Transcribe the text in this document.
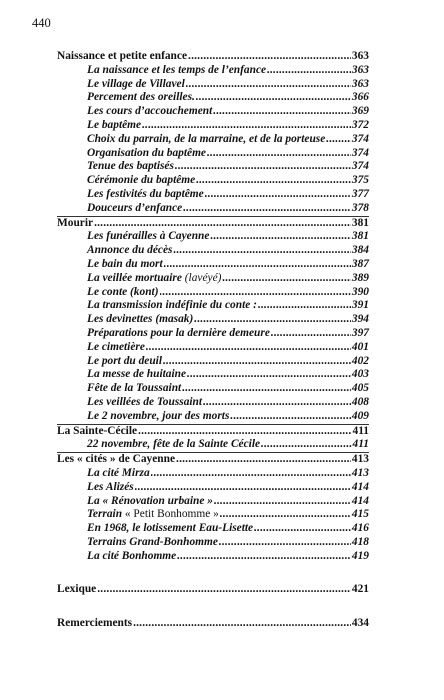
440
Naissance et petite enfance .....	363
La naissance et les temps de l’enfance .....	363
Le village de Villavel .....	363
Percement des oreilles. .....	366
Les cours d’accouchement .....	369
Le baptême .....	372
Choix du parrain, de la marraine, et de la porteuse ..... 374
Organisation du baptême .....	374
Tenue des baptisés .....	374
Cérémonie du baptême .....	375
Les festivités du baptême .....	377
Douceurs d’enfance .....	378
Mourir .....	381
Les funérailles à Cayenne .....	381
Annonce du décès .....	384
Le bain du mort .....	387
La veillée mortuaire (lavéyé) .....	389
Le conte (kont) .....	390
La transmission indéfinie du conte : .....	391
Les devinettes (masak) .....	394
Préparations pour la dernière demeure .....	397
Le cimetière .....	401
Le port du deuil .....	402
La messe de huitaine .....	403
Fête de la Toussaint .....	405
Les veillées de Toussaint .....	408
Le 2 novembre, jour des morts .....	409
La Sainte-Cécile .....	411
22 novembre, fête de la Sainte Cécile .....	411
Les « cités » de Cayenne .....	413
La cité Mirza .....	413
Les Alizés .....	414
La « Rénovation urbaine » .....	414
Terrain « Petit Bonhomme » .....	415
En 1968, le lotissement Eau-Lisette .....	416
Terrains Grand-Bonhomme .....	418
La cité Bonhomme .....	419
Lexique .....	421
Remerciements .....	434
